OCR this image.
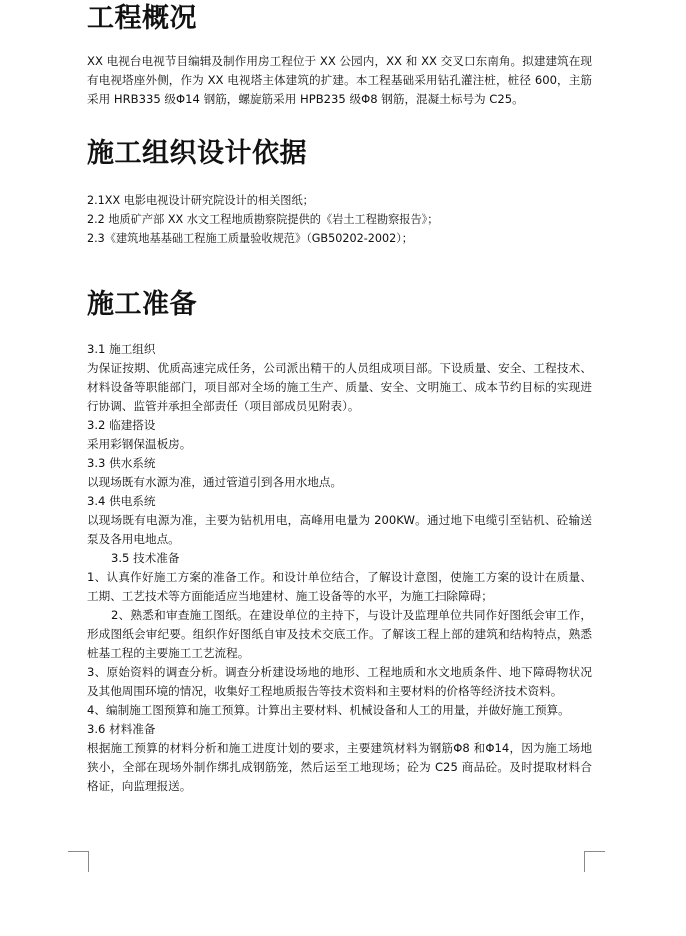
工程概况

XX 电视台电视节目编辑及制作用房工程位于 XX 公园内，XX 和 XX 交叉口东南角。拟建建筑在现有电视塔座外侧，作为 XX 电视塔主体建筑的扩建。本工程基础采用钻孔灌注桩，桩径 600，主筋采用 HRB335 级Φ14 钢筋，螺旋筋采用 HPB235 级Φ8 钢筋，混凝土标号为 C25。

施工组织设计依据
2.1XX 电影电视设计研究院设计的相关图纸；
2.2 地质矿产部 XX 水文工程地质勘察院提供的《岩土工程勘察报告》；
2.3《建筑地基基础工程施工质量验收规范》（GB50202-2002）；
施工准备
3.1 施工组织

为保证按期、优质高速完成任务，公司派出精干的人员组成项目部。下设质量、安全、工程技术、材料设备等职能部门，项目部对全场的施工生产、质量、安全、文明施工、成本节约目标的实现进行协调、监管并承担全部责任（项目部成员见附表）。

3.2 临建搭设

采用彩钢保温板房。

3.3 供水系统

以现场既有水源为准，通过管道引到各用水地点。

3.4 供电系统

以现场既有电源为准，主要为钻机用电，高峰用电量为 200KW。通过地下电缆引至钻机、砼输送泵及各用电地点。

3.5 技术准备

1、认真作好施工方案的准备工作。和设计单位结合，了解设计意图，使施工方案的设计在质量、工期、工艺技术等方面能适应当地建材、施工设备等的水平，为施工扫除障碍；

2、熟悉和审查施工图纸。在建设单位的主持下，与设计及监理单位共同作好图纸会审工作，形成图纸会审纪要。组织作好图纸自审及技术交底工作。了解该工程上部的建筑和结构特点，熟悉桩基工程的主要施工工艺流程。

3、原始资料的调查分析。调查分析建设场地的地形、工程地质和水文地质条件、地下障碍物状况及其他周围环境的情况，收集好工程地质报告等技术资料和主要材料的价格等经济技术资料。

4、编制施工图预算和施工预算。计算出主要材料、机械设备和人工的用量，并做好施工预算。

3.6 材料准备

根据施工预算的材料分析和施工进度计划的要求，主要建筑材料为钢筋Φ8 和Φ14，因为施工场地狭小，全部在现场外制作绑扎成钢筋笼，然后运至工地现场；砼为 C25 商品砼。及时提取材料合格证，向监理报送。
